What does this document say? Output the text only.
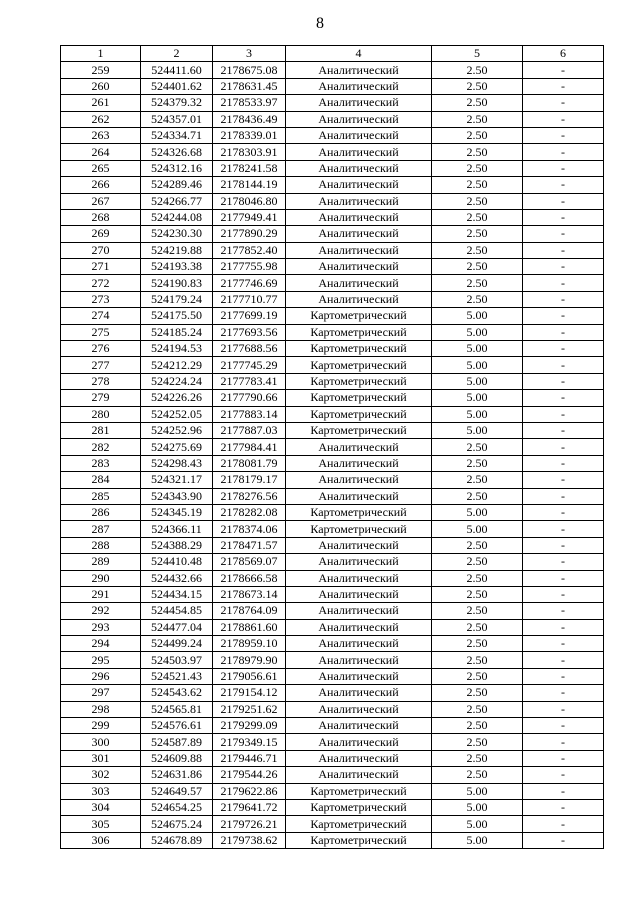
8
1	2	3	4	5	6
259	524411.60	2178675.08	Аналитический	2.50	-
260	524401.62	2178631.45	Аналитический	2.50	-
261	524379.32	2178533.97	Аналитический	2.50	-
262	524357.01	2178436.49	Аналитический	2.50	-
263	524334.71	2178339.01	Аналитический	2.50	-
264	524326.68	2178303.91	Аналитический	2.50	-
265	524312.16	2178241.58	Аналитический	2.50	-
266	524289.46	2178144.19	Аналитический	2.50	-
267	524266.77	2178046.80	Аналитический	2.50	-
268	524244.08	2177949.41	Аналитический	2.50	-
269	524230.30	2177890.29	Аналитический	2.50	-
270	524219.88	2177852.40	Аналитический	2.50	-
271	524193.38	2177755.98	Аналитический	2.50	-
272	524190.83	2177746.69	Аналитический	2.50	-
273	524179.24	2177710.77	Аналитический	2.50	-
274	524175.50	2177699.19	Картометрический	5.00	-
275	524185.24	2177693.56	Картометрический	5.00	-
276	524194.53	2177688.56	Картометрический	5.00	-
277	524212.29	2177745.29	Картометрический	5.00	-
278	524224.24	2177783.41	Картометрический	5.00	-
279	524226.26	2177790.66	Картометрический	5.00	-
280	524252.05	2177883.14	Картометрический	5.00	-
281	524252.96	2177887.03	Картометрический	5.00	-
282	524275.69	2177984.41	Аналитический	2.50	-
283	524298.43	2178081.79	Аналитический	2.50	-
284	524321.17	2178179.17	Аналитический	2.50	-
285	524343.90	2178276.56	Аналитический	2.50	-
286	524345.19	2178282.08	Картометрический	5.00	-
287	524366.11	2178374.06	Картометрический	5.00	-
288	524388.29	2178471.57	Аналитический	2.50	-
289	524410.48	2178569.07	Аналитический	2.50	-
290	524432.66	2178666.58	Аналитический	2.50	-
291	524434.15	2178673.14	Аналитический	2.50	-
292	524454.85	2178764.09	Аналитический	2.50	-
293	524477.04	2178861.60	Аналитический	2.50	-
294	524499.24	2178959.10	Аналитический	2.50	-
295	524503.97	2178979.90	Аналитический	2.50	-
296	524521.43	2179056.61	Аналитический	2.50	-
297	524543.62	2179154.12	Аналитический	2.50	-
298	524565.81	2179251.62	Аналитический	2.50	-
299	524576.61	2179299.09	Аналитический	2.50	-
300	524587.89	2179349.15	Аналитический	2.50	-
301	524609.88	2179446.71	Аналитический	2.50	-
302	524631.86	2179544.26	Аналитический	2.50	-
303	524649.57	2179622.86	Картометрический	5.00	-
304	524654.25	2179641.72	Картометрический	5.00	-
305	524675.24	2179726.21	Картометрический	5.00	-
306	524678.89	2179738.62	Картометрический	5.00	-
